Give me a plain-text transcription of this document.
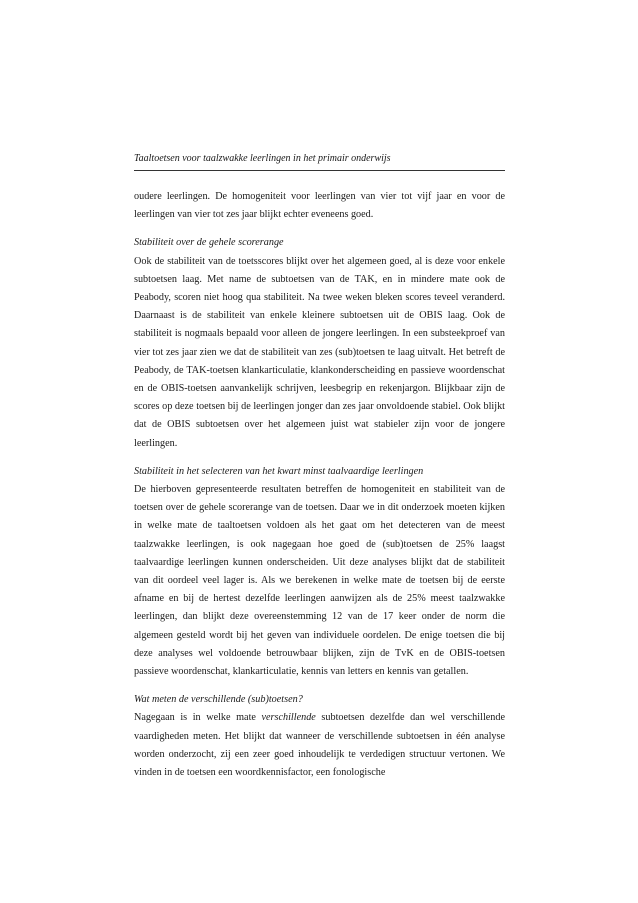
Taaltoetsen voor taalzwakke leerlingen in het primair onderwijs

oudere leerlingen. De homogeniteit voor leerlingen van vier tot vijf jaar en voor de leerlingen van vier tot zes jaar blijkt echter eveneens goed.

Stabiliteit over de gehele scorerange

Ook de stabiliteit van de toetsscores blijkt over het algemeen goed, al is deze voor enkele subtoetsen laag. Met name de subtoetsen van de TAK, en in mindere mate ook de Peabody, scoren niet hoog qua stabiliteit. Na twee weken bleken scores teveel veranderd. Daarnaast is de stabiliteit van enkele kleinere subtoetsen uit de OBIS laag. Ook de stabiliteit is nogmaals bepaald voor alleen de jongere leerlingen. In een substeekproef van vier tot zes jaar zien we dat de stabiliteit van zes (sub)toetsen te laag uitvalt. Het betreft de Peabody, de TAK-toetsen klankarticulatie, klankonderscheiding en passieve woordenschat en de OBIS-toetsen aanvankelijk schrijven, leesbegrip en rekenjargon. Blijkbaar zijn de scores op deze toetsen bij de leerlingen jonger dan zes jaar onvoldoende stabiel. Ook blijkt dat de OBIS subtoetsen over het algemeen juist wat stabieler zijn voor de jongere leerlingen.

Stabiliteit in het selecteren van het kwart minst taalvaardige leerlingen

De hierboven gepresenteerde resultaten betreffen de homogeniteit en stabiliteit van de toetsen over de gehele scorerange van de toetsen. Daar we in dit onderzoek moeten kijken in welke mate de taaltoetsen voldoen als het gaat om het detecteren van de meest taalzwakke leerlingen, is ook nagegaan hoe goed de (sub)toetsen de 25% laagst taalvaardige leerlingen kunnen onderscheiden. Uit deze analyses blijkt dat de stabiliteit van dit oordeel veel lager is. Als we berekenen in welke mate de toetsen bij de eerste afname en bij de hertest dezelfde leerlingen aanwijzen als de 25% meest taalzwakke leerlingen, dan blijkt deze overeenstemming 12 van de 17 keer onder de norm die algemeen gesteld wordt bij het geven van individuele oordelen. De enige toetsen die bij deze analyses wel voldoende betrouwbaar blijken, zijn de TvK en de OBIS-toetsen passieve woordenschat, klankarticulatie, kennis van letters en kennis van getallen.

Wat meten de verschillende (sub)toetsen?

Nagegaan is in welke mate verschillende subtoetsen dezelfde dan wel verschillende vaardigheden meten. Het blijkt dat wanneer de verschillende subtoetsen in één analyse worden onderzocht, zij een zeer goed inhoudelijk te verdedigen structuur vertonen. We vinden in de toetsen een woordkennisfactor, een fonologische
